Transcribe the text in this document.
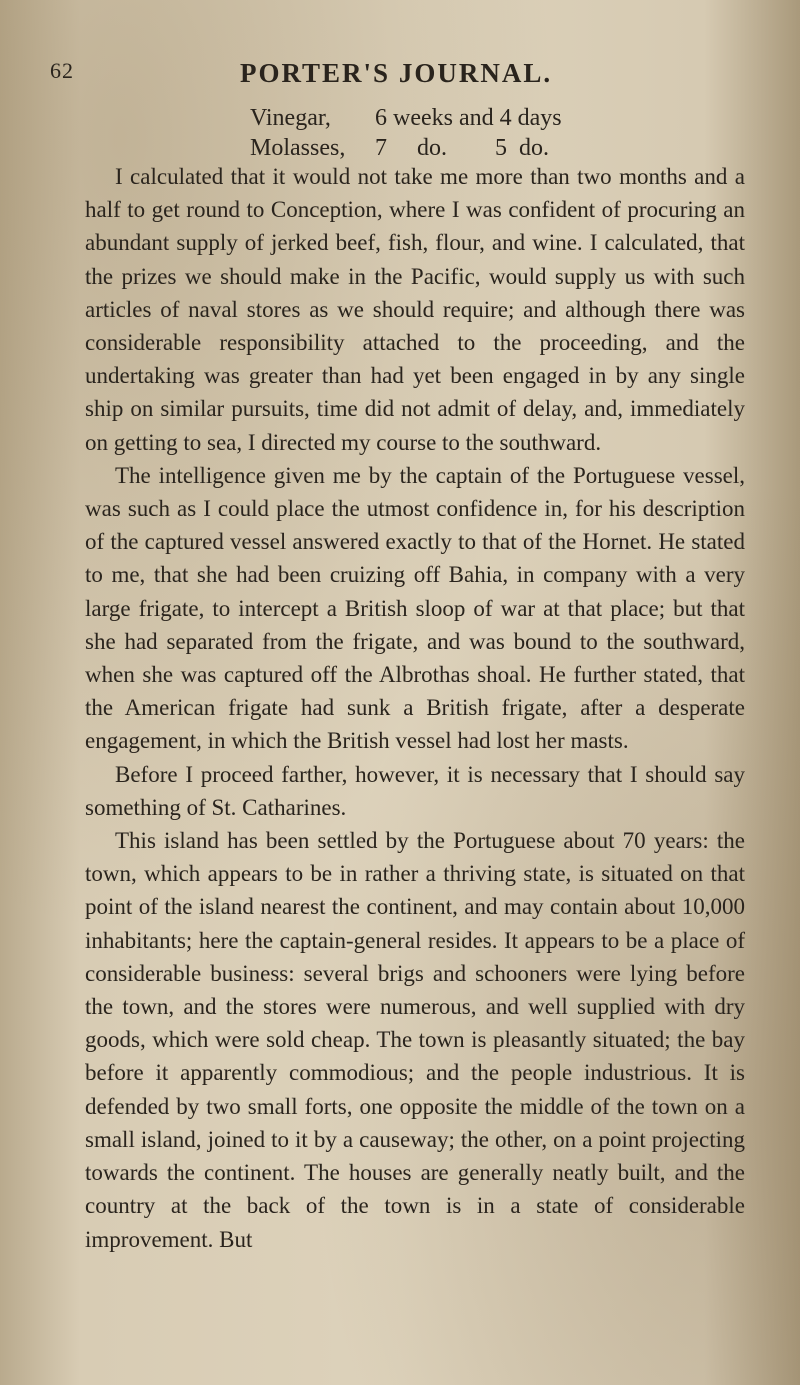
62	PORTER'S JOURNAL.
Vinegar,	6 weeks and 4 days
Molasses,	7     do.        5  do.

I calculated that it would not take me more than two months and a half to get round to Conception, where I was confident of procuring an abundant supply of jerked beef, fish, flour, and wine. I calculated, that the prizes we should make in the Pacific, would supply us with such articles of naval stores as we should require; and although there was considerable responsibility attached to the proceeding, and the undertaking was greater than had yet been engaged in by any single ship on similar pursuits, time did not admit of delay, and, immediately on getting to sea, I directed my course to the southward.

The intelligence given me by the captain of the Portuguese vessel, was such as I could place the utmost confidence in, for his description of the captured vessel answered exactly to that of the Hornet. He stated to me, that she had been cruizing off Bahia, in company with a very large frigate, to intercept a British sloop of war at that place; but that she had separated from the frigate, and was bound to the southward, when she was captured off the Albrothas shoal. He further stated, that the American frigate had sunk a British frigate, after a desperate engagement, in which the British vessel had lost her masts.

Before I proceed farther, however, it is necessary that I should say something of St. Catharines.

This island has been settled by the Portuguese about 70 years: the town, which appears to be in rather a thriving state, is situated on that point of the island nearest the continent, and may contain about 10,000 inhabitants; here the captain-general resides. It appears to be a place of considerable business: several brigs and schooners were lying before the town, and the stores were numerous, and well supplied with dry goods, which were sold cheap. The town is pleasantly situated; the bay before it apparently commodious; and the people industrious. It is defended by two small forts, one opposite the middle of the town on a small island, joined to it by a causeway; the other, on a point projecting towards the continent. The houses are generally neatly built, and the country at the back of the town is in a state of considerable improvement. But
